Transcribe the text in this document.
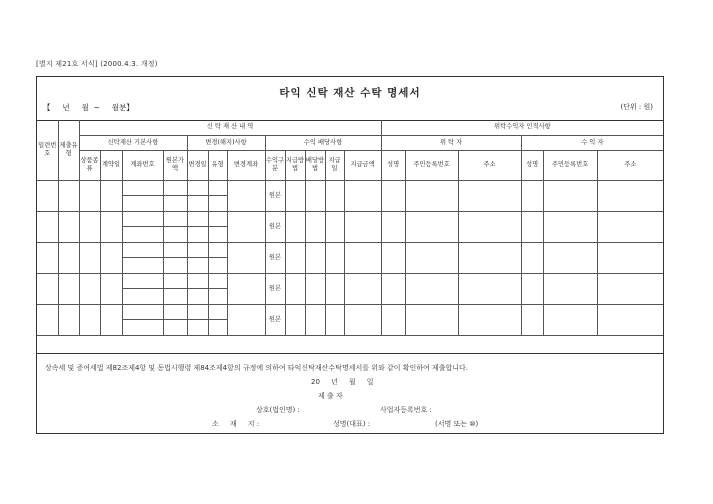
[별지 제21호 서식] (2000.4.3. 개정)
타익 신탁 재산 수탁 명세서
【     년     월  ~     월분】	(단위 : 원)
일련번호	제출유형	신 탁 재 산 내 역												위탁수익자 인적사항					
		신탁재산 기본사항				변경(해지)사항			수익 배당사항					위 탁 자			수 익 자		
		상품종류	계약일	계좌번호	원본가액	변경일	유형	변경계좌	수익구분	지급방법	배당방법	지급일	지급금액	성명	주민등록번호	주소	성명	주민등록번호	주소
									원본										

									원본										

									원본										

									원본										

									원본										

상속세 및 증여세법 제82조제4항 및 동법시행령 제84조제4항의 규정에 의하여 타익신탁재산수탁명세서를 위와 같이 확인하여 제출합니다.
20     년     월     일
제 출 자
상호(법인명) :	사업자등록번호 :
소     재     지 :	성명(대표) :	(서명 또는 ⑩)
